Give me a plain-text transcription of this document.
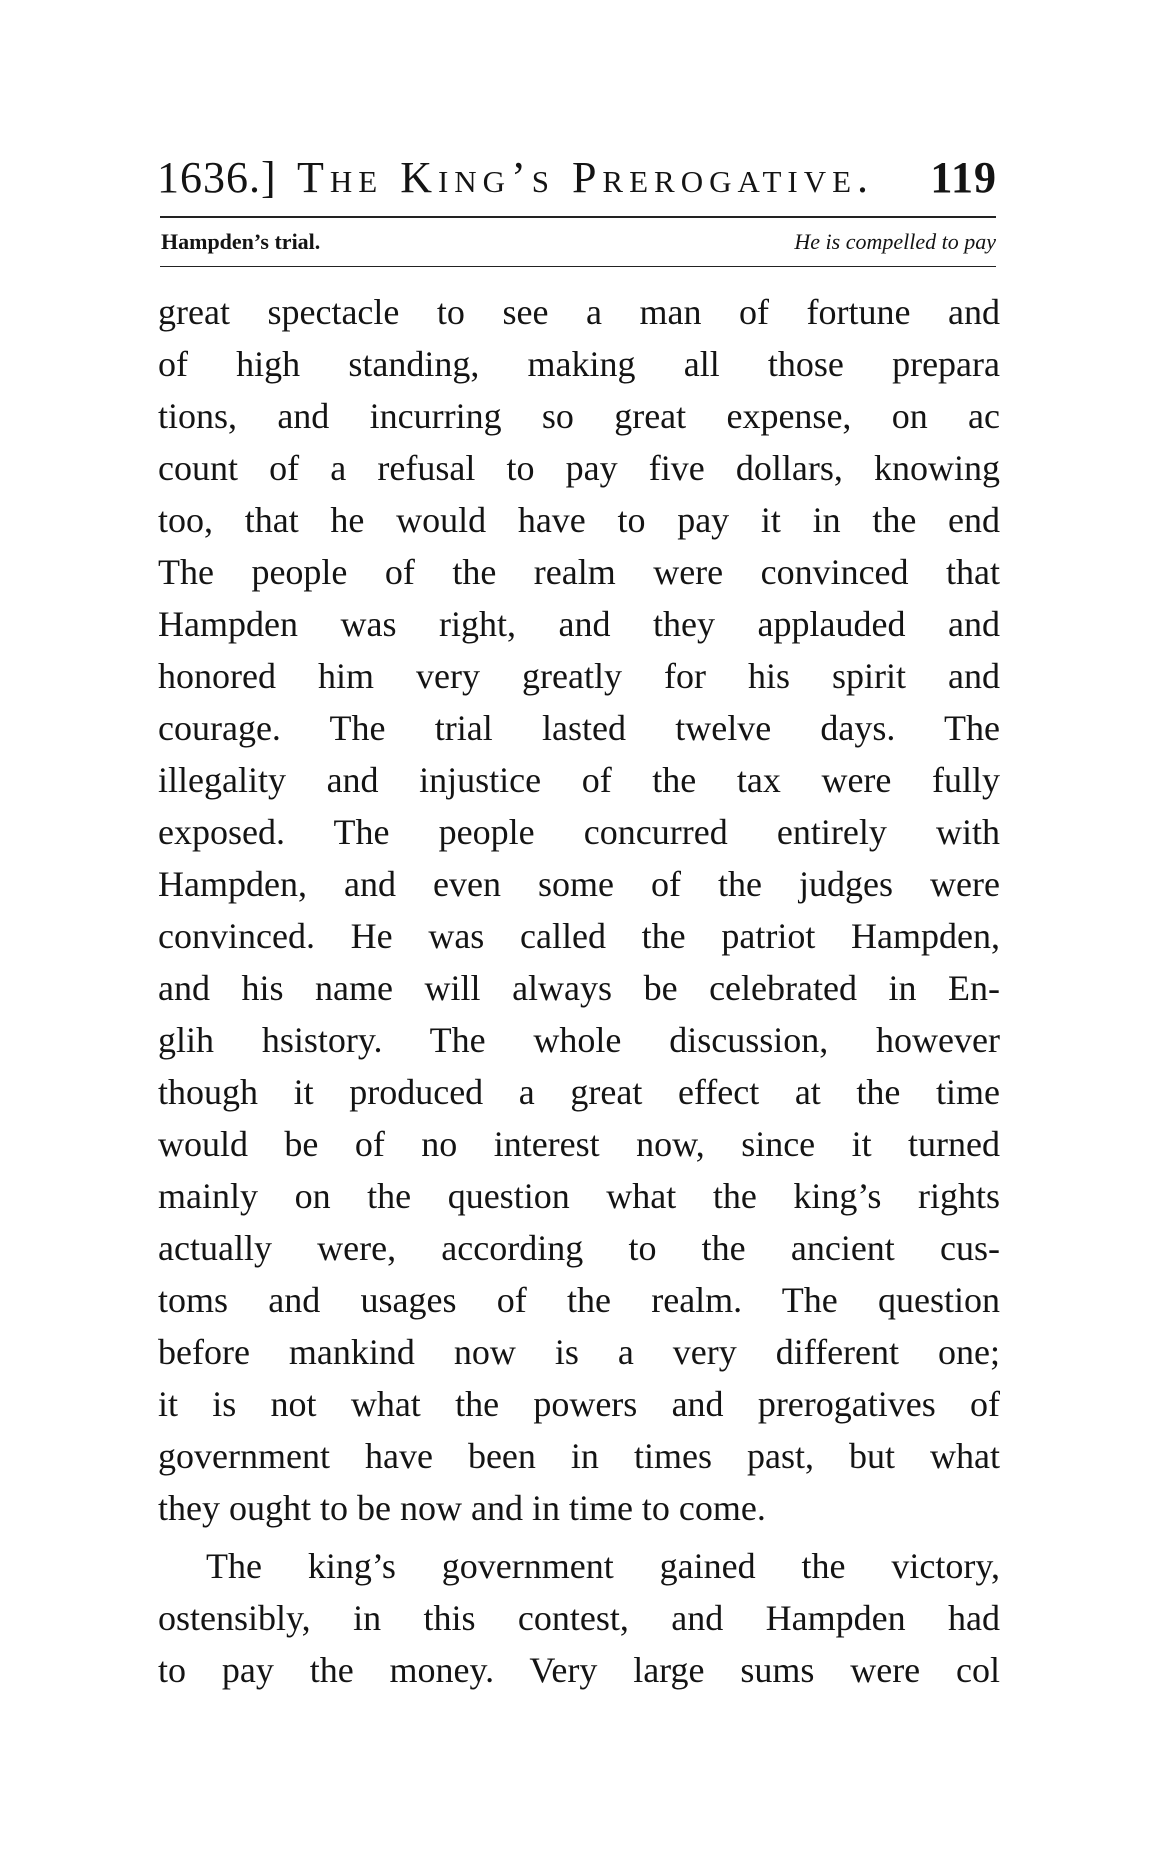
1636.] The King’s Prerogative. 119
Hampden’s trial.	He is compelled to pay
great spectacle to see a man of fortune and
of high standing, making all those prepara
tions, and incurring so great expense, on ac
count of a refusal to pay five dollars, knowing
too, that he would have to pay it in the end
The people of the realm were convinced that
Hampden was right, and they applauded and
honored him very greatly for his spirit and
courage. The trial lasted twelve days. The
illegality and injustice of the tax were fully
exposed. The people concurred entirely with
Hampden, and even some of the judges were
convinced. He was called the patriot Hampden,
and his name will always be celebrated in En-
glih hsistory. The whole discussion, however
though it produced a great effect at the time
would be of no interest now, since it turned
mainly on the question what the king’s rights
actually were, according to the ancient cus-
toms and usages of the realm. The question
before mankind now is a very different one;
it is not what the powers and prerogatives of
government have been in times past, but what
they ought to be now and in time to come.
The king’s government gained the victory,
ostensibly, in this contest, and Hampden had
to pay the money. Very large sums were col
